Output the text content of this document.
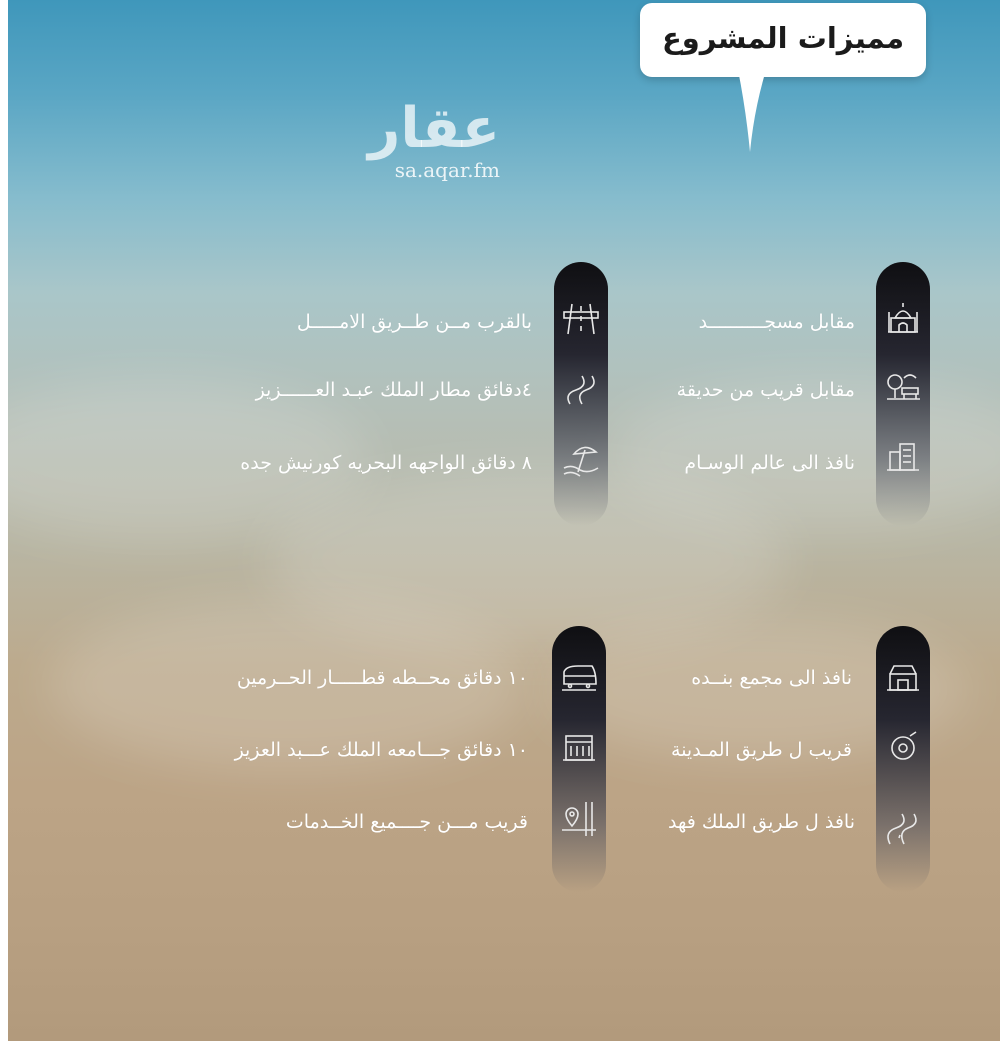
مميزات المشروع
عقار
sa.aqar.fm
مقابل مسجــــــــــد
مقابل قريب من حديقة
نافذ الى عالم الوسـام
بالقرب مــن طــريق الامـــــل
٤دقائق مطار الملك عبـد العــــــزيز
٨ دقائق الواجهه البحريه كورنيش جده
نافذ الى مجمع بنــده
قريب ل طريق المـدينة
نافذ ل طريق الملك فهد
١٠ دقائق محــطه قطـــــار الحــرمين
١٠ دقائق جـــامعه الملك عـــبد العزيز
قريب مـــن جــــميع الخــدمات
